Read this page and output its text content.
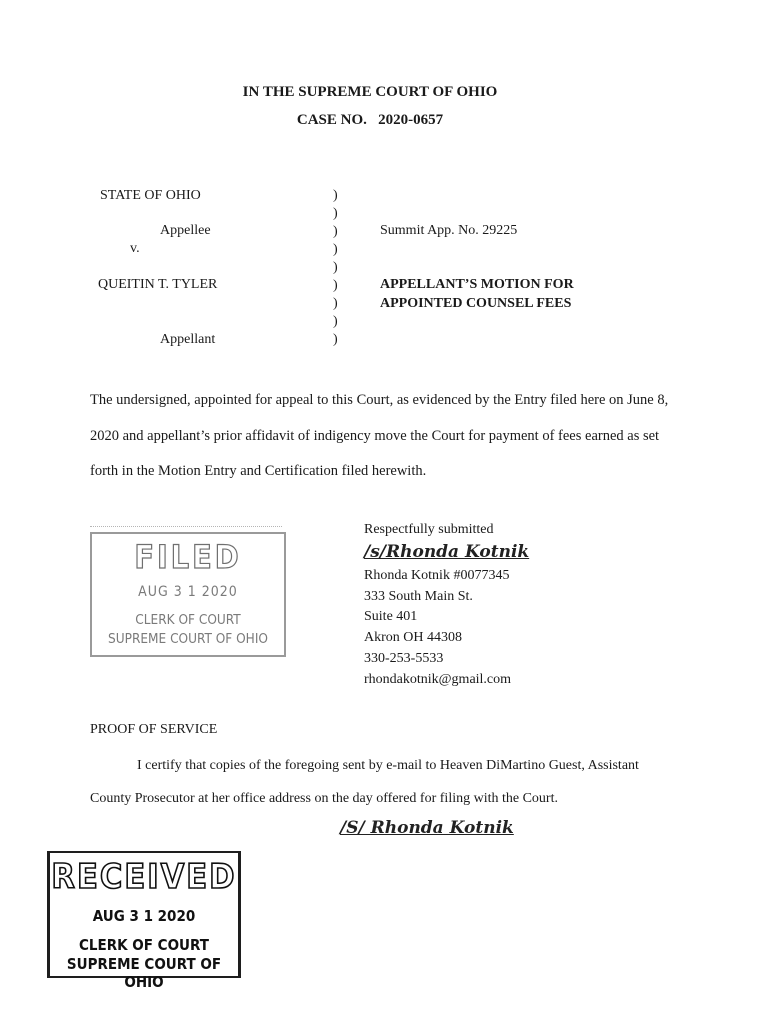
IN THE SUPREME COURT OF OHIO
CASE NO.   2020-0657
STATE OF OHIO
Appellee
v.
QUEITIN T. TYLER
Appellant
)
)
)
)
)
)
)
)
)
Summit App. No. 29225
APPELLANT’S MOTION FOR
APPOINTED COUNSEL FEES
The undersigned, appointed for appeal to this Court, as evidenced by the Entry filed here on June 8,
2020 and appellant’s prior affidavit of indigency move the Court for payment of fees earned as set
forth in the Motion Entry and Certification filed herewith.
FILED
AUG 3 1 2020
CLERK OF COURT
SUPREME COURT OF OHIO
Respectfully submitted
/s/Rhonda Kotnik
Rhonda Kotnik #0077345
333 South Main St.
Suite 401
Akron OH 44308
330-253-5533
rhondakotnik@gmail.com
PROOF OF SERVICE
I certify that copies of the foregoing sent by e-mail to Heaven DiMartino Guest, Assistant
County Prosecutor at her office address on the day offered for filing with the Court.
/S/ Rhonda Kotnik
RECEIVED
AUG 3 1 2020
CLERK OF COURT
SUPREME COURT OF OHIO
